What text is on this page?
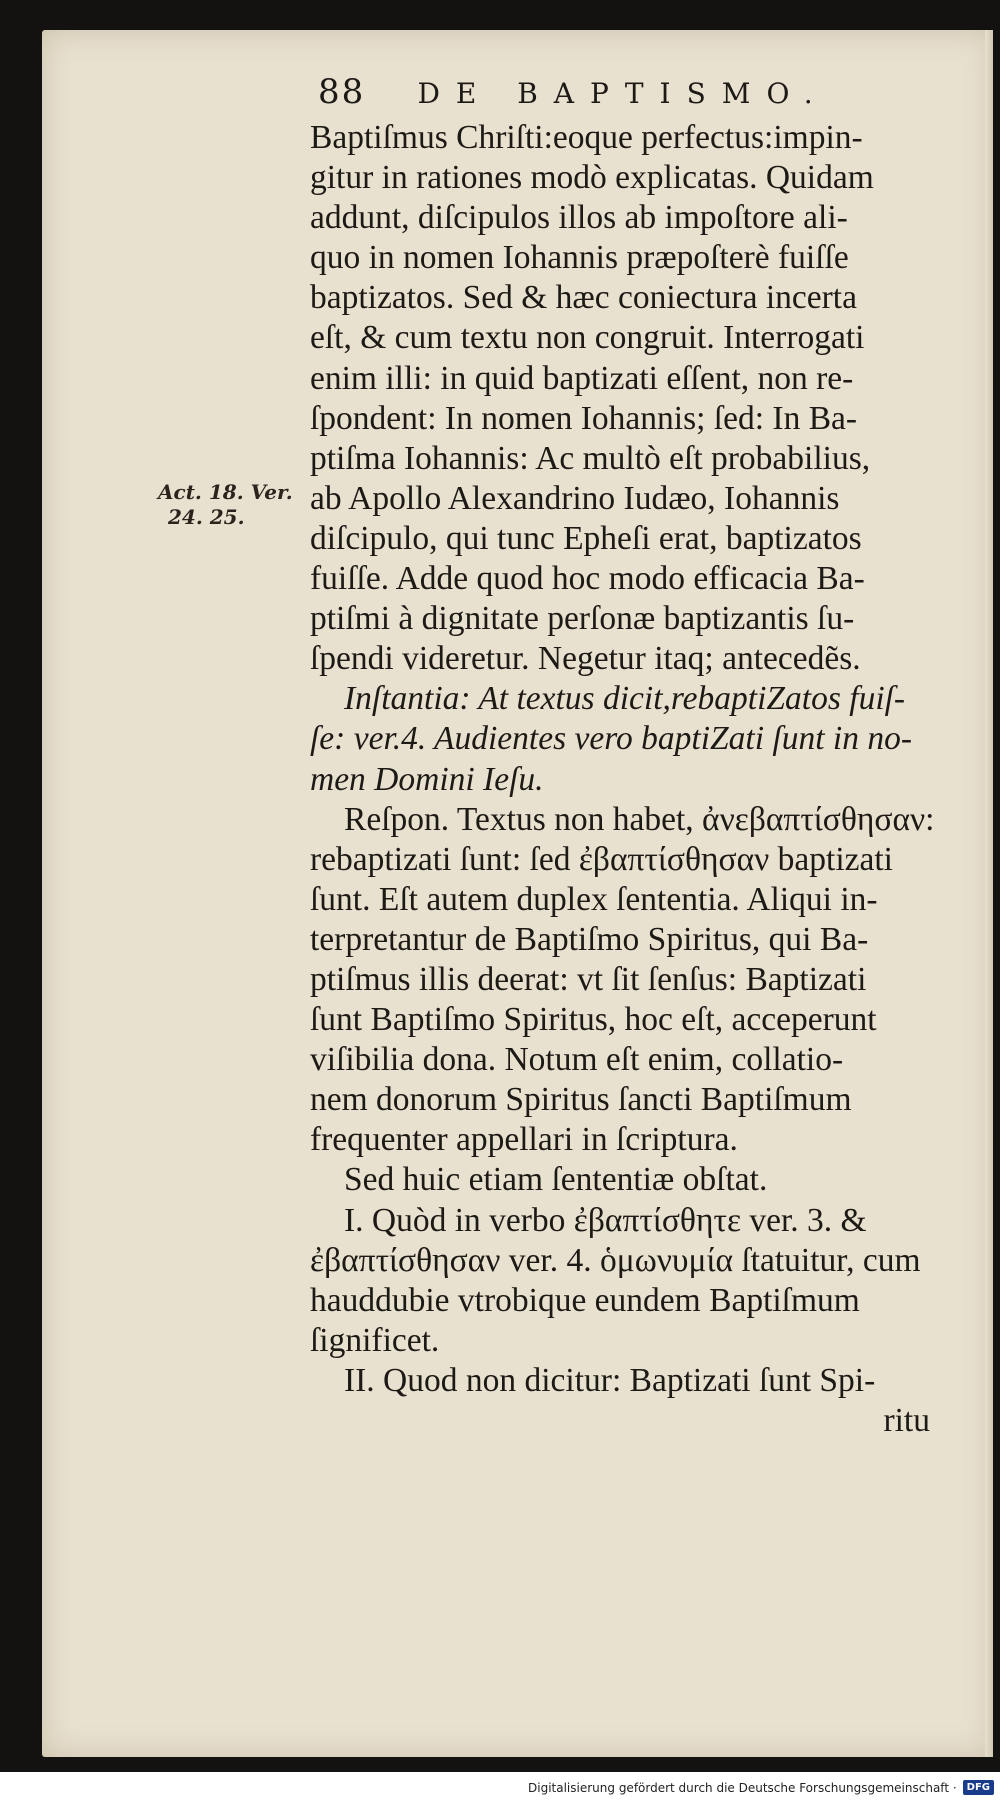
88 DE BAPTISMO.
Act. 18. Ver.
24. 25.
Baptiſmus Chriſti:eoque perfectus:impin-
gitur in rationes modò explicatas. Quidam
addunt, diſcipulos illos ab impoſtore ali-
quo in nomen Iohannis præpoſterè fuiſſe
baptizatos. Sed & hæc coniectura incerta
eſt, & cum textu non congruit. Interrogati
enim illi: in quid baptizati eſſent, non re-
ſpondent: In nomen Iohannis; ſed: In Ba-
ptiſma Iohannis: Ac multò eſt probabilius,
ab Apollo Alexandrino Iudæo, Iohannis
diſcipulo, qui tunc Epheſi erat, baptizatos
fuiſſe. Adde quod hoc modo efficacia Ba-
ptiſmi à dignitate perſonæ baptizantis ſu-
ſpendi videretur. Negetur itaq; antecedẽs.
Inſtantia: At textus dicit,rebaptiZatos fuiſ-
ſe: ver.4. Audientes vero baptiZati ſunt in no-
men Domini Ieſu.
Reſpon. Textus non habet, ἀνεβαπτίσθησαν:
rebaptizati ſunt: ſed ἐβαπτίσθησαν baptizati
ſunt. Eſt autem duplex ſententia. Aliqui in-
terpretantur de Baptiſmo Spiritus, qui Ba-
ptiſmus illis deerat: vt ſit ſenſus: Baptizati
ſunt Baptiſmo Spiritus, hoc eſt, acceperunt
viſibilia dona. Notum eſt enim, collatio-
nem donorum Spiritus ſancti Baptiſmum
frequenter appellari in ſcriptura.
Sed huic etiam ſententiæ obſtat.
I. Quòd in verbo ἐβαπτίσθητε ver. 3. &
ἐβαπτίσθησαν ver. 4. ὁμωνυμία ſtatuitur, cum
hauddubie vtrobique eundem Baptiſmum
ſignificet.
II. Quod non dicitur: Baptizati ſunt Spi-
ritu
Digitalisierung gefördert durch die Deutsche Forschungsgemeinschaft ·	DFG
